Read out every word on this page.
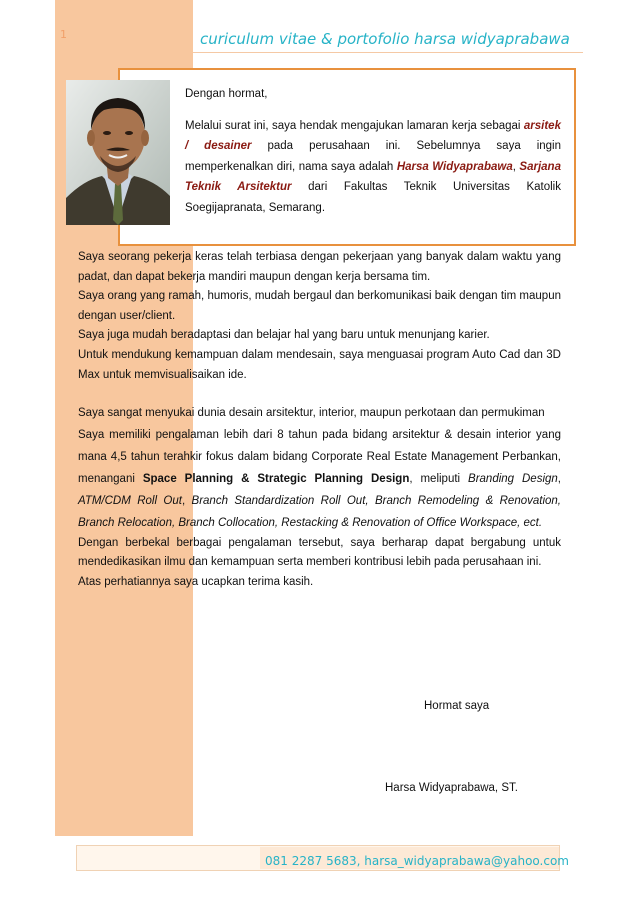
1	curiculum vitae & portofolio harsa widyaprabawa

Dengan hormat,

Melalui surat ini, saya hendak mengajukan lamaran kerja sebagai arsitek / desainer pada perusahaan ini. Sebelumnya saya ingin memperkenalkan diri, nama saya adalah Harsa Widyaprabawa, Sarjana Teknik Arsitektur dari Fakultas Teknik Universitas Katolik Soegijapranata, Semarang.

Saya seorang pekerja keras telah terbiasa dengan pekerjaan yang banyak dalam waktu yang padat, dan dapat bekerja mandiri maupun dengan kerja bersama tim.

Saya orang yang ramah, humoris, mudah bergaul dan berkomunikasi baik dengan tim maupun dengan user/client.

Saya juga mudah beradaptasi dan belajar hal yang baru untuk menunjang karier.

Untuk mendukung kemampuan dalam mendesain, saya menguasai program Auto Cad dan 3D Max untuk memvisualisaikan ide.

Saya sangat menyukai dunia desain arsitektur, interior, maupun perkotaan dan permukiman

Saya memiliki pengalaman lebih dari 8 tahun pada bidang arsitektur & desain interior yang mana 4,5 tahun terahkir fokus dalam bidang Corporate Real Estate Management Perbankan, menangani Space Planning & Strategic Planning Design, meliputi Branding Design, ATM/CDM Roll Out, Branch Standardization Roll Out, Branch Remodeling & Renovation, Branch Relocation, Branch Collocation, Restacking & Renovation of Office Workspace, ect.

Dengan berbekal berbagai pengalaman tersebut, saya berharap dapat bergabung untuk mendedikasikan ilmu dan kemampuan serta memberi kontribusi lebih pada perusahaan ini.

Atas perhatiannya saya ucapkan terima kasih.

Hormat saya
Harsa Widyaprabawa, ST.
081 2287 5683, harsa_widyaprabawa@yahoo.com
